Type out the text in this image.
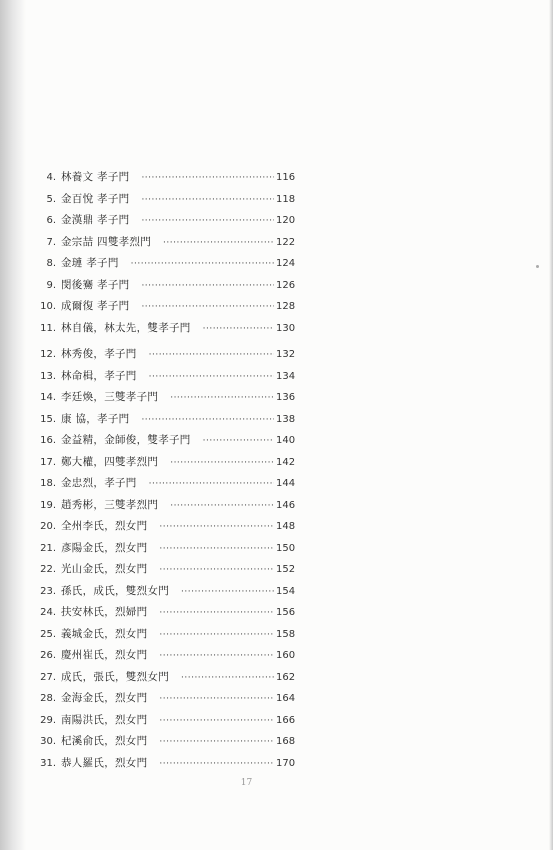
4. 林養文 孝子門 ·····	116
5. 金百悅 孝子門 ·····	118
6. 金漢鼎 孝子門 ·····	120
7. 金宗喆 四雙孝烈門 ·····	122
8. 金璉 孝子門 ·····	124
9. 閔後騫 孝子門 ·····	126
10. 成爾復 孝子門 ·····	128
11. 林自儀，林太先，雙孝子門 ·····	130
12. 林秀俊，孝子門 ·····	132
13. 林命楫，孝子門 ·····	134
14. 李廷煥，三雙孝子門 ·····	136
15. 康 協，孝子門 ·····	138
16. 金益精，金師俊，雙孝子門 ·····	140
17. 鄭大權，四雙孝烈門 ·····	142
18. 金忠烈，孝子門 ·····	144
19. 趙秀彬，三雙孝烈門 ·····	146
20. 全州李氏，烈女門 ·····	148
21. 彥陽金氏，烈女門 ·····	150
22. 光山金氏，烈女門 ·····	152
23. 孫氏，成氏，雙烈女門 ·····	154
24. 扶安林氏，烈婦門 ·····	156
25. 義城金氏，烈女門 ·····	158
26. 慶州崔氏，烈女門 ·····	160
27. 成氏，張氏，雙烈女門 ·····	162
28. 金海金氏，烈女門 ·····	164
29. 南陽洪氏，烈女門 ·····	166
30. 杞溪俞氏，烈女門 ·····	168
31. 恭人羅氏，烈女門 ·····	170
17
